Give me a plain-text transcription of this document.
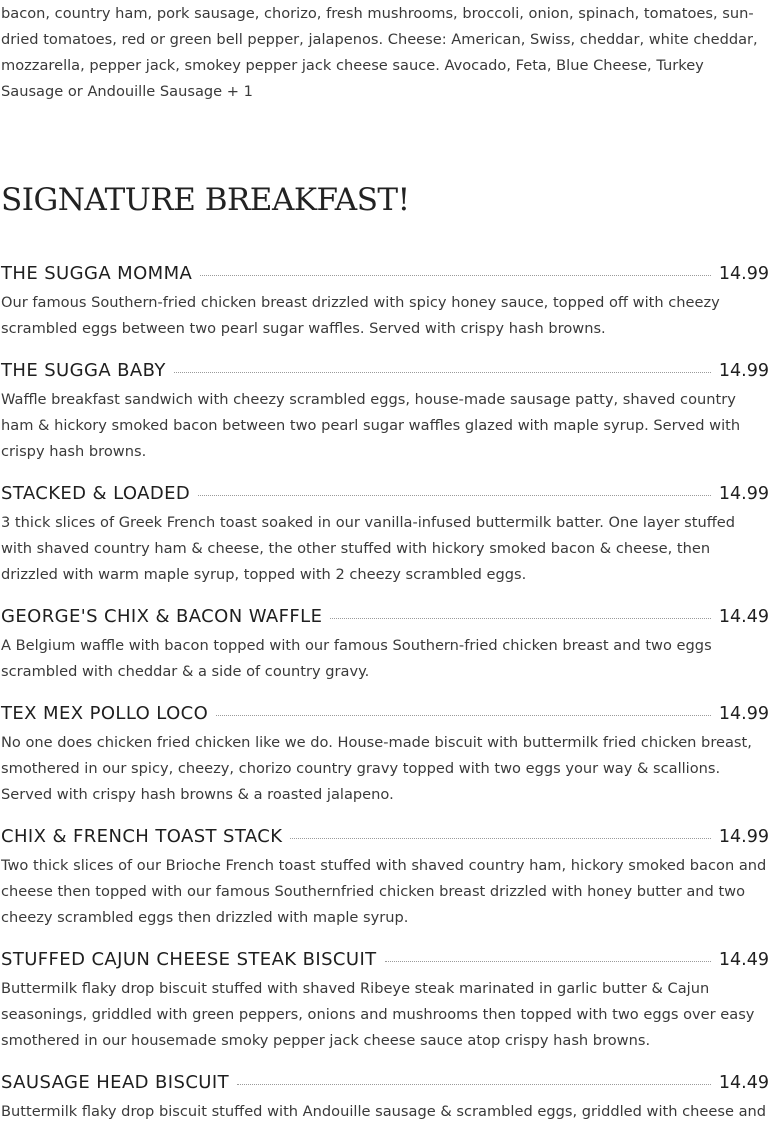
bacon, country ham, pork sausage, chorizo, fresh mushrooms, broccoli, onion, spinach, tomatoes, sun-dried tomatoes, red or green bell pepper, jalapenos. Cheese: American, Swiss, cheddar, white cheddar, mozzarella, pepper jack, smokey pepper jack cheese sauce. Avocado, Feta, Blue Cheese, Turkey Sausage or Andouille Sausage + 1

SIGNATURE BREAKFAST!
THE SUGGA MOMMA	14.99

Our famous Southern-fried chicken breast drizzled with spicy honey sauce, topped off with cheezy scrambled eggs between two pearl sugar waffles. Served with crispy hash browns.

THE SUGGA BABY	14.99

Waffle breakfast sandwich with cheezy scrambled eggs, house-made sausage patty, shaved country ham & hickory smoked bacon between two pearl sugar waffles glazed with maple syrup. Served with crispy hash browns.

STACKED & LOADED	14.99

3 thick slices of Greek French toast soaked in our vanilla-infused buttermilk batter. One layer stuffed with shaved country ham & cheese, the other stuffed with hickory smoked bacon & cheese, then drizzled with warm maple syrup, topped with 2 cheezy scrambled eggs.

GEORGE'S CHIX & BACON WAFFLE	14.49

A Belgium waffle with bacon topped with our famous Southern-fried chicken breast and two eggs scrambled with cheddar & a side of country gravy.

TEX MEX POLLO LOCO	14.99

No one does chicken fried chicken like we do. House-made biscuit with buttermilk fried chicken breast, smothered in our spicy, cheezy, chorizo country gravy topped with two eggs your way & scallions. Served with crispy hash browns & a roasted jalapeno.

CHIX & FRENCH TOAST STACK	14.99

Two thick slices of our Brioche French toast stuffed with shaved country ham, hickory smoked bacon and cheese then topped with our famous Southernfried chicken breast drizzled with honey butter and two cheezy scrambled eggs then drizzled with maple syrup.

STUFFED CAJUN CHEESE STEAK BISCUIT	14.49

Buttermilk flaky drop biscuit stuffed with shaved Ribeye steak marinated in garlic butter & Cajun seasonings, griddled with green peppers, onions and mushrooms then topped with two eggs over easy smothered in our housemade smoky pepper jack cheese sauce atop crispy hash browns.

SAUSAGE HEAD BISCUIT	14.49

Buttermilk flaky drop biscuit stuffed with Andouille sausage & scrambled eggs, griddled with cheese and
